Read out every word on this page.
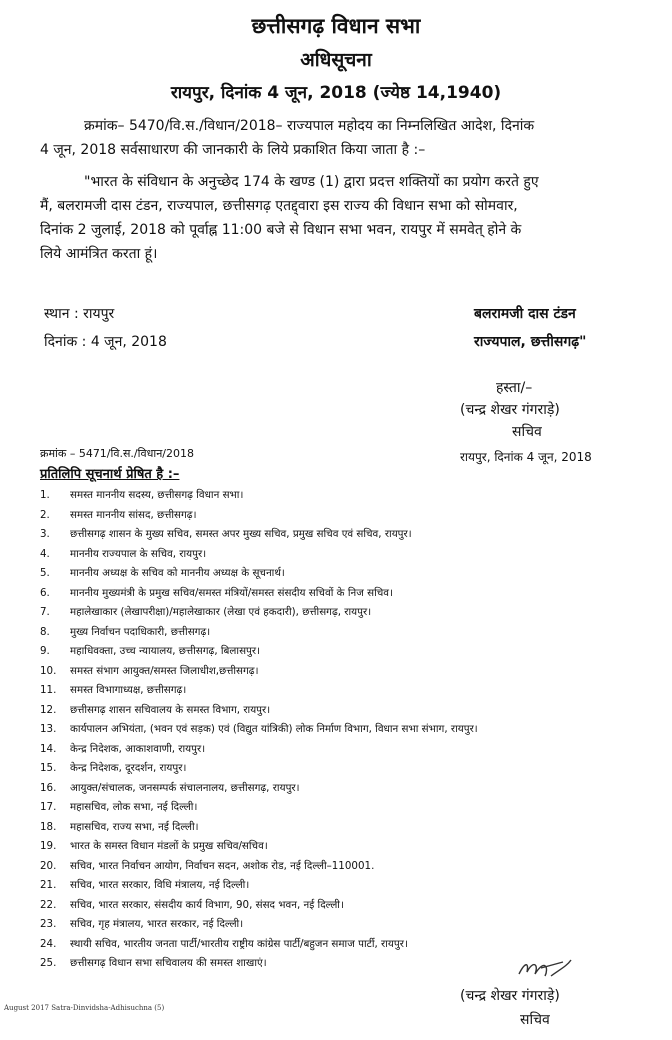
छत्तीसगढ़ विधान सभा
अधिसूचना
रायपुर, दिनांक 4 जून, 2018 (ज्येष्ठ 14,1940)
क्रमांक– 5470/वि.स./विधान/2018– राज्यपाल महोदय का निम्नलिखित आदेश, दिनांक
4 जून, 2018 सर्वसाधारण की जानकारी के लिये प्रकाशित किया जाता है :–
"भारत के संविधान के अनुच्छेद 174 के खण्ड (1) द्वारा प्रदत्त शक्तियों का प्रयोग करते हुए
मैं, बलरामजी दास टंडन, राज्यपाल, छत्तीसगढ़ एतद्द्वारा इस राज्य की विधान सभा को सोमवार,
दिनांक 2 जुलाई, 2018 को पूर्वाह्न 11:00 बजे से विधान सभा भवन, रायपुर में समवेत् होने के
लिये आमंत्रित करता हूं।
स्थान : रायपुर
दिनांक : 4 जून, 2018
बलरामजी दास टंडन
राज्यपाल, छत्तीसगढ़"
हस्ता/–
(चन्द्र शेखर गंगराड़े)
सचिव
क्रमांक – 5471/वि.स./विधान/2018	रायपुर, दिनांक 4 जून, 2018
प्रतिलिपि सूचनार्थ प्रेषित है :–
1.	समस्त माननीय सदस्य, छत्तीसगढ़ विधान सभा।
2.	समस्त माननीय सांसद, छत्तीसगढ़।
3.	छत्तीसगढ़ शासन के मुख्य सचिव, समस्त अपर मुख्य सचिव, प्रमुख सचिव एवं सचिव, रायपुर।
4.	माननीय राज्यपाल के सचिव, रायपुर।
5.	माननीय अध्यक्ष के सचिव को माननीय अध्यक्ष के सूचनार्थ।
6.	माननीय मुख्यमंत्री के प्रमुख सचिव/समस्त मंत्रियों/समस्त संसदीय सचिवों के निज सचिव।
7.	महालेखाकार (लेखापरीक्षा)/महालेखाकार (लेखा एवं हकदारी), छत्तीसगढ़, रायपुर।
8.	मुख्य निर्वाचन पदाधिकारी, छत्तीसगढ़।
9.	महाधिवक्ता, उच्च न्यायालय, छत्तीसगढ़, बिलासपुर।
10.	समस्त संभाग आयुक्त/समस्त जिलाधीश,छत्तीसगढ़।
11.	समस्त विभागाध्यक्ष, छत्तीसगढ़।
12.	छत्तीसगढ़ शासन सचिवालय के समस्त विभाग, रायपुर।
13.	कार्यपालन अभियंता, (भवन एवं सड़क) एवं (विद्युत यांत्रिकी) लोक निर्माण विभाग, विधान सभा संभाग, रायपुर।
14.	केन्द्र निदेशक, आकाशवाणी, रायपुर।
15.	केन्द्र निदेशक, दूरदर्शन, रायपुर।
16.	आयुक्त/संचालक, जनसम्पर्क संचालनालय, छत्तीसगढ़, रायपुर।
17.	महासचिव, लोक सभा, नई दिल्ली।
18.	महासचिव, राज्य सभा, नई दिल्ली।
19.	भारत के समस्त विधान मंडलों के प्रमुख सचिव/सचिव।
20.	सचिव, भारत निर्वाचन आयोग, निर्वाचन सदन, अशोक रोड, नई दिल्ली–110001.
21.	सचिव, भारत सरकार, विधि मंत्रालय, नई दिल्ली।
22.	सचिव, भारत सरकार, संसदीय कार्य विभाग, 90, संसद भवन, नई दिल्ली।
23.	सचिव, गृह मंत्रालय, भारत सरकार, नई दिल्ली।
24.	स्थायी सचिव, भारतीय जनता पार्टी/भारतीय राष्ट्रीय कांग्रेस पार्टी/बहुजन समाज पार्टी, रायपुर।
25.	छत्तीसगढ़ विधान सभा सचिवालय की समस्त शाखाएं।
August 2017 Satra-Dinvidsha-Adhisuchna (5)
(चन्द्र शेखर गंगराड़े)
सचिव
